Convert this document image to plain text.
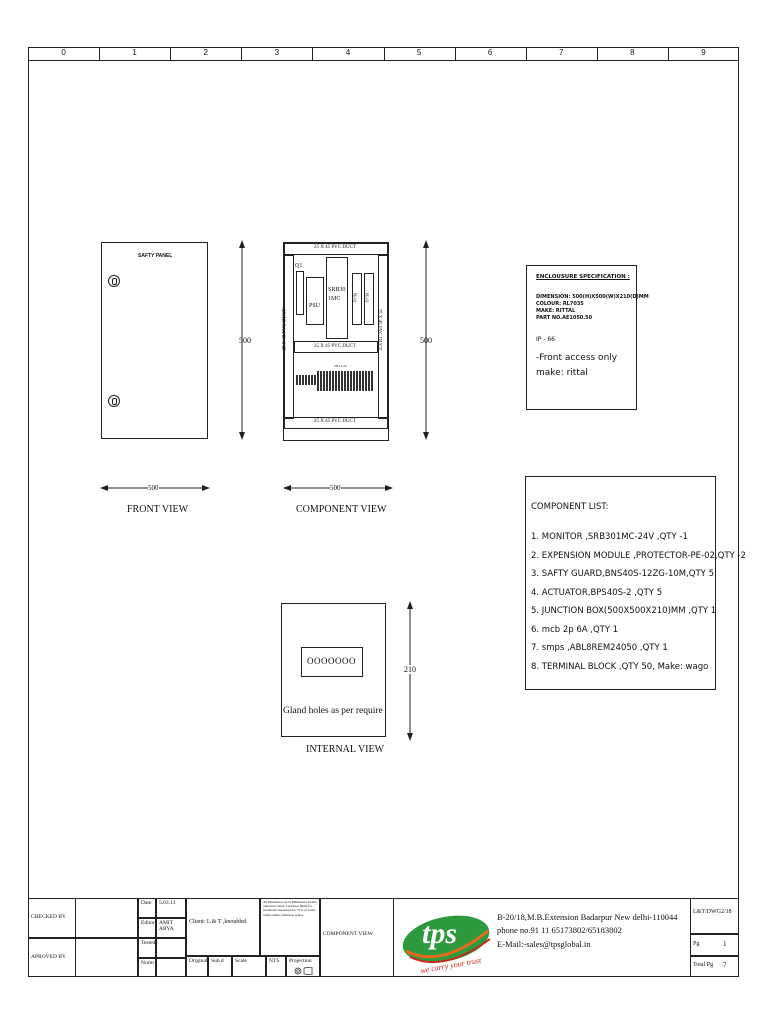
0	1	2	3	4	5	6	7	8	9
SAFTY PANEL
500
500
FRONT VIEW
25 X 45 PVC DUCT
25 X 45 PVC DUCT	25 X 45 PVC DUCT
25 X 45 PVC DUCT
25 X 45 PVC DUCT
Q1
PSU
SRB30
1MC	PE-02 PE-02
TB1-L41
500
500
COMPONENT VIEW
ENCLOUSURE SPECIFICATION :
DIMENSION: 500(H)X500(W)X210(D)MM
COLOUR: RL7035
MAKE: RITTAL
PART NO.AE1050.50
IP - 66
-Front access only
make: rittal
COMPONENT LIST:
1. MONITOR ,SRB301MC-24V ,QTY -1
2. EXPENSION MODULE ,PROTECTOR-PE-02,QTY -2
3. SAFTY GUARD,BNS40S-12ZG-10M,QTY 5
4. ACTUATOR,BPS40S-2 ,QTY 5
5. JUNCTION BOX(500X500X210)MM ,QTY 1
6. mcb 2p 6A ,QTY 1
7. smps ,ABL8REM24050 ,QTY 1
8. TERMINAL BLOCK ,QTY 50, Make: wago
OOOOOOO
Gland holes as per require
210
INTERNAL VIEW
CHECKED BY
APROVED BY
Date	5.03.13
Editor AMIT ARYA
Tested
Norm
Client: L & T ,knoubhel
All Dimension are in Millimeters Unless otherwise stated. Tolerance limits for parameters measured are +5% of stated values unless otherwise stated.
COMPONENT VIEW
Original Sub.d	Scale	NTS	Projection
tps
we carry your trust
B-20/18,M.B.Extension Badarpur New delhi-110044
phone no.91 11 65173802/65183802
E-Mail:-sales@tpsglobal.in
L&T/DWG2/18
Pg	1
Total Pg 7
